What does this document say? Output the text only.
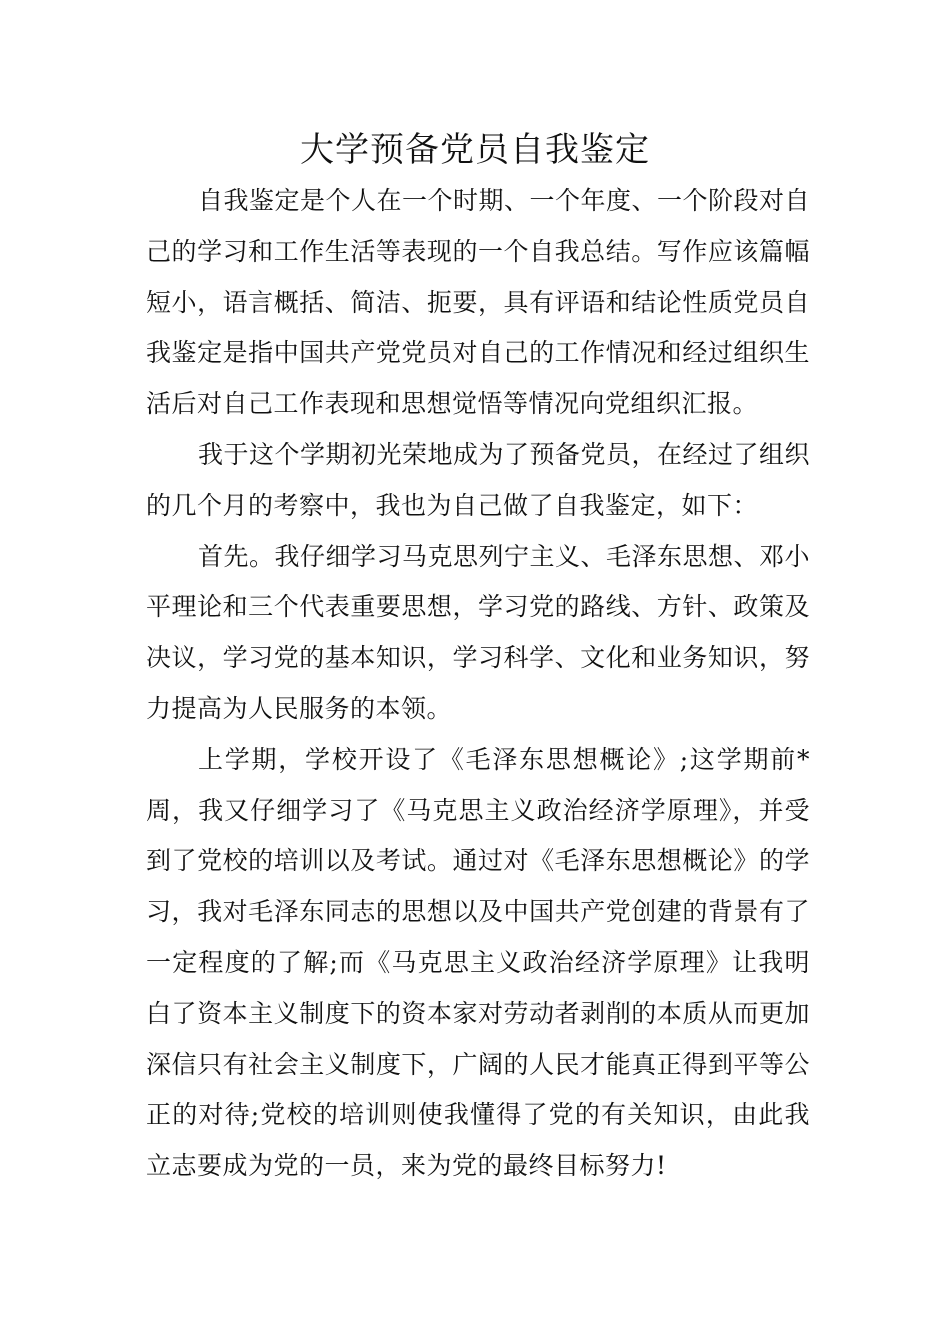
大学预备党员自我鉴定

自我鉴定是个人在一个时期、一个年度、一个阶段对自己的学习和工作生活等表现的一个自我总结。写作应该篇幅短小，语言概括、简洁、扼要，具有评语和结论性质党员自我鉴定是指中国共产党党员对自己的工作情况和经过组织生活后对自己工作表现和思想觉悟等情况向党组织汇报。

我于这个学期初光荣地成为了预备党员，在经过了组织的几个月的考察中，我也为自己做了自我鉴定，如下：

首先。我仔细学习马克思列宁主义、毛泽东思想、邓小平理论和三个代表重要思想，学习党的路线、方针、政策及决议，学习党的基本知识，学习科学、文化和业务知识，努力提高为人民服务的本领。

上学期，学校开设了《毛泽东思想概论》;这学期前*周，我又仔细学习了《马克思主义政治经济学原理》，并受到了党校的培训以及考试。通过对《毛泽东思想概论》的学习，我对毛泽东同志的思想以及中国共产党创建的背景有了一定程度的了解;而《马克思主义政治经济学原理》让我明白了资本主义制度下的资本家对劳动者剥削的本质从而更加深信只有社会主义制度下，广阔的人民才能真正得到平等公正的对待;党校的培训则使我懂得了党的有关知识，由此我立志要成为党的一员，来为党的最终目标努力!
